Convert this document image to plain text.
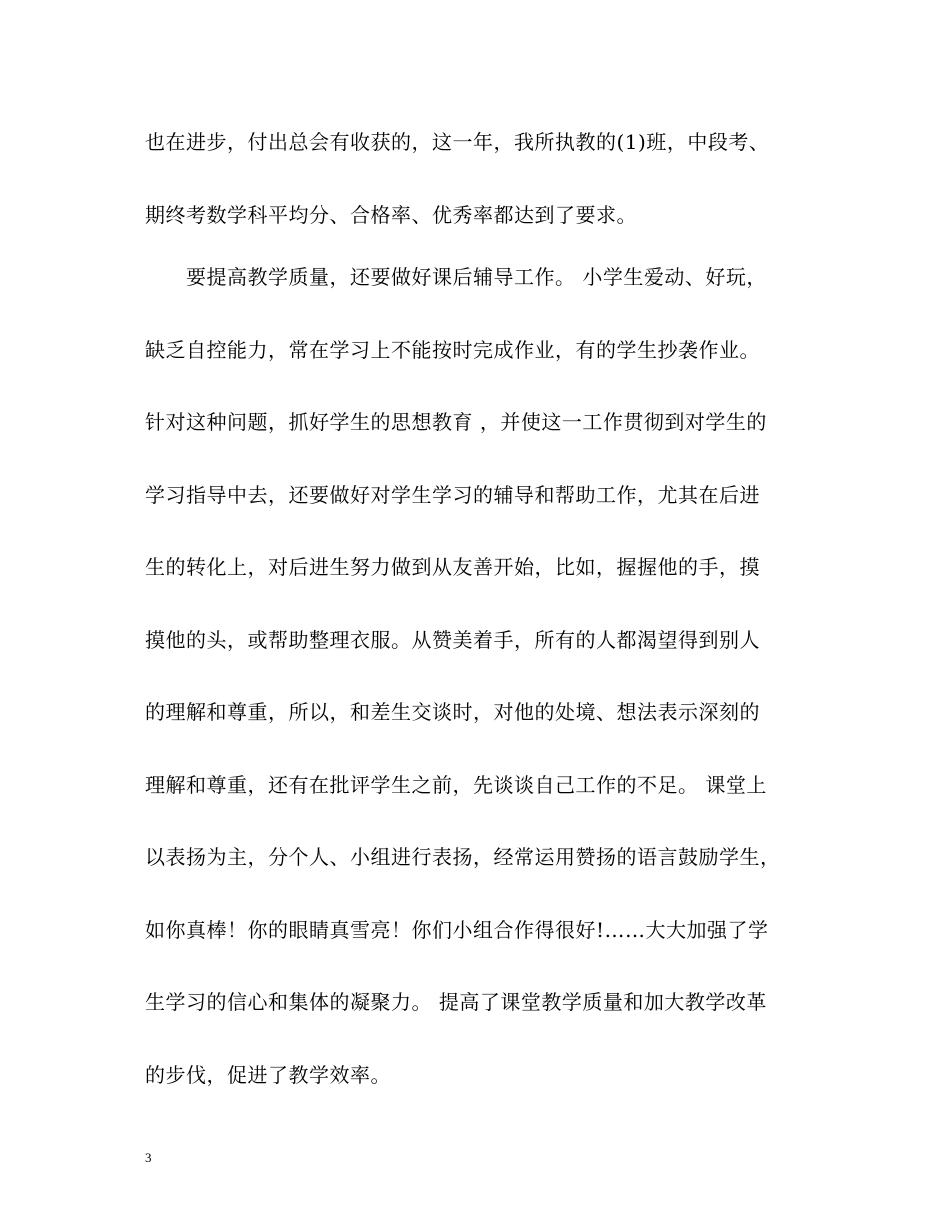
也在进步，付出总会有收获的，这一年，我所执教的(1)班，中段考、
期终考数学科平均分、合格率、优秀率都达到了要求。
　　要提高教学质量，还要做好课后辅导工作。 小学生爱动、好玩，
缺乏自控能力，常在学习上不能按时完成作业，有的学生抄袭作业。
针对这种问题，抓好学生的思想教育 ，并使这一工作贯彻到对学生的
学习指导中去，还要做好对学生学习的辅导和帮助工作，尤其在后进
生的转化上，对后进生努力做到从友善开始，比如，握握他的手，摸
摸他的头，或帮助整理衣服。从赞美着手，所有的人都渴望得到别人
的理解和尊重，所以，和差生交谈时，对他的处境、想法表示深刻的
理解和尊重，还有在批评学生之前，先谈谈自己工作的不足。 课堂上
以表扬为主，分个人、小组进行表扬，经常运用赞扬的语言鼓励学生，
如你真棒！你的眼睛真雪亮！你们小组合作得很好!……大大加强了学
生学习的信心和集体的凝聚力。 提高了课堂教学质量和加大教学改革
的步伐，促进了教学效率。
3
